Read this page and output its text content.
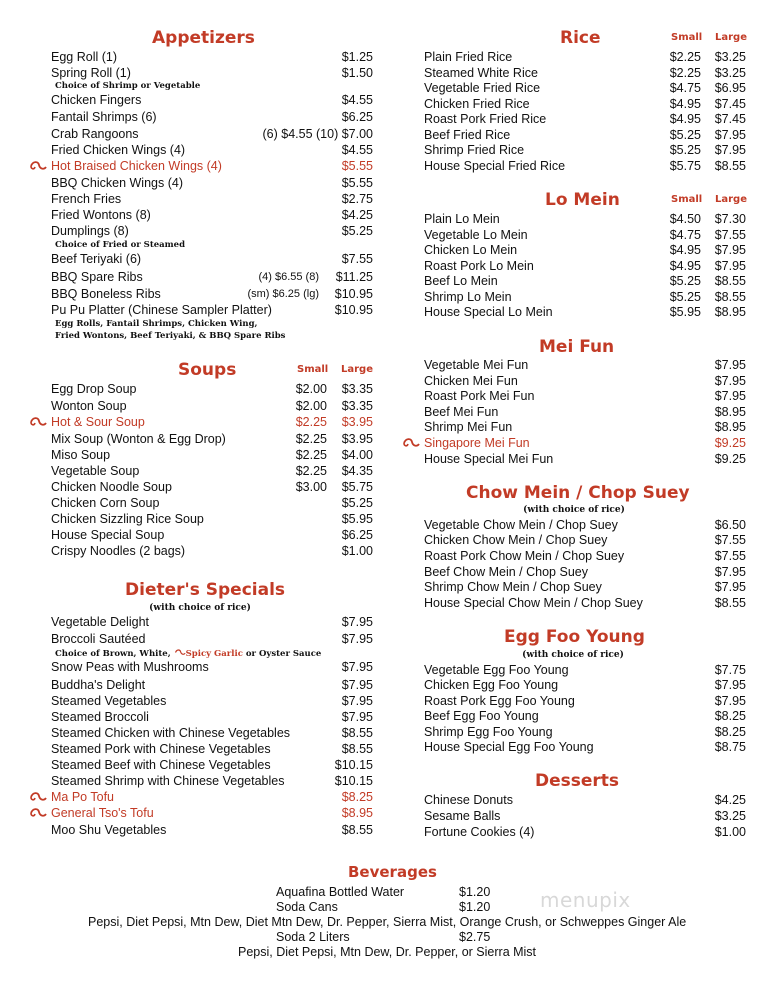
Appetizers
Egg Roll (1)	$1.25
Spring Roll (1)	$1.50
Choice of Shrimp or Vegetable
Chicken Fingers	$4.55
Fantail Shrimps (6)	$6.25
Crab Rangoons	(6) $4.55 (10) $7.00
Fried Chicken Wings (4)	$4.55
Hot Braised Chicken Wings (4)	$5.55
BBQ Chicken Wings (4)	$5.55
French Fries	$2.75
Fried Wontons (8)	$4.25
Dumplings (8)	$5.25
Choice of Fried or Steamed
Beef Teriyaki (6)	$7.55
BBQ Spare Ribs	(4) $6.55 (8) $11.25
BBQ Boneless Ribs	(sm) $6.25 (lg) $10.95
Pu Pu Platter (Chinese Sampler Platter)	$10.95
Egg Rolls, Fantail Shrimps, Chicken Wing,
Fried Wontons, Beef Teriyaki, & BBQ Spare Ribs
Soups	Small Large
Egg Drop Soup	$2.00 $3.35
Wonton Soup	$2.00 $3.35
Hot & Sour Soup	$2.25 $3.95
Mix Soup (Wonton & Egg Drop)	$2.25 $3.95
Miso Soup	$2.25 $4.00
Vegetable Soup	$2.25 $4.35
Chicken Noodle Soup	$3.00 $5.75
Chicken Corn Soup	$5.25
Chicken Sizzling Rice Soup	$5.95
House Special Soup	$6.25
Crispy Noodles (2 bags)	$1.00
Dieter's Specials
(with choice of rice)
Vegetable Delight	$7.95
Broccoli Sautéed	$7.95
Choice of Brown, White, Spicy Garlic or Oyster Sauce
Snow Peas with Mushrooms	$7.95
Buddha's Delight	$7.95
Steamed Vegetables	$7.95
Steamed Broccoli	$7.95
Steamed Chicken with Chinese Vegetables	$8.55
Steamed Pork with Chinese Vegetables	$8.55
Steamed Beef with Chinese Vegetables	$10.15
Steamed Shrimp with Chinese Vegetables	$10.15
Ma Po Tofu	$8.25
General Tso's Tofu	$8.95
Moo Shu Vegetables	$8.55
Rice	Small Large
Plain Fried Rice	$2.25 $3.25
Steamed White Rice	$2.25 $3.25
Vegetable Fried Rice	$4.75 $6.95
Chicken Fried Rice	$4.95 $7.45
Roast Pork Fried Rice	$4.95 $7.45
Beef Fried Rice	$5.25 $7.95
Shrimp Fried Rice	$5.25 $7.95
House Special Fried Rice	$5.75 $8.55
Lo Mein	Small Large
Plain Lo Mein	$4.50 $7.30
Vegetable Lo Mein	$4.75 $7.55
Chicken Lo Mein	$4.95 $7.95
Roast Pork Lo Mein	$4.95 $7.95
Beef Lo Mein	$5.25 $8.55
Shrimp Lo Mein	$5.25 $8.55
House Special Lo Mein	$5.95 $8.95
Mei Fun
Vegetable Mei Fun	$7.95
Chicken Mei Fun	$7.95
Roast Pork Mei Fun	$7.95
Beef Mei Fun	$8.95
Shrimp Mei Fun	$8.95
Singapore Mei Fun	$9.25
House Special Mei Fun	$9.25
Chow Mein / Chop Suey
(with choice of rice)
Vegetable Chow Mein / Chop Suey	$6.50
Chicken Chow Mein / Chop Suey	$7.55
Roast Pork Chow Mein / Chop Suey	$7.55
Beef Chow Mein / Chop Suey	$7.95
Shrimp Chow Mein / Chop Suey	$7.95
House Special Chow Mein / Chop Suey	$8.55
Egg Foo Young
(with choice of rice)
Vegetable Egg Foo Young	$7.75
Chicken Egg Foo Young	$7.95
Roast Pork Egg Foo Young	$7.95
Beef Egg Foo Young	$8.25
Shrimp Egg Foo Young	$8.25
House Special Egg Foo Young	$8.75
Desserts
Chinese Donuts	$4.25
Sesame Balls	$3.25
Fortune Cookies (4)	$1.00
Beverages
Aquafina Bottled Water	$1.20
Soda Cans	$1.20
Pepsi, Diet Pepsi, Mtn Dew, Diet Mtn Dew, Dr. Pepper, Sierra Mist, Orange Crush, or Schweppes Ginger Ale
Soda 2 Liters	$2.75
Pepsi, Diet Pepsi, Mtn Dew, Dr. Pepper, or Sierra Mist
menupix
